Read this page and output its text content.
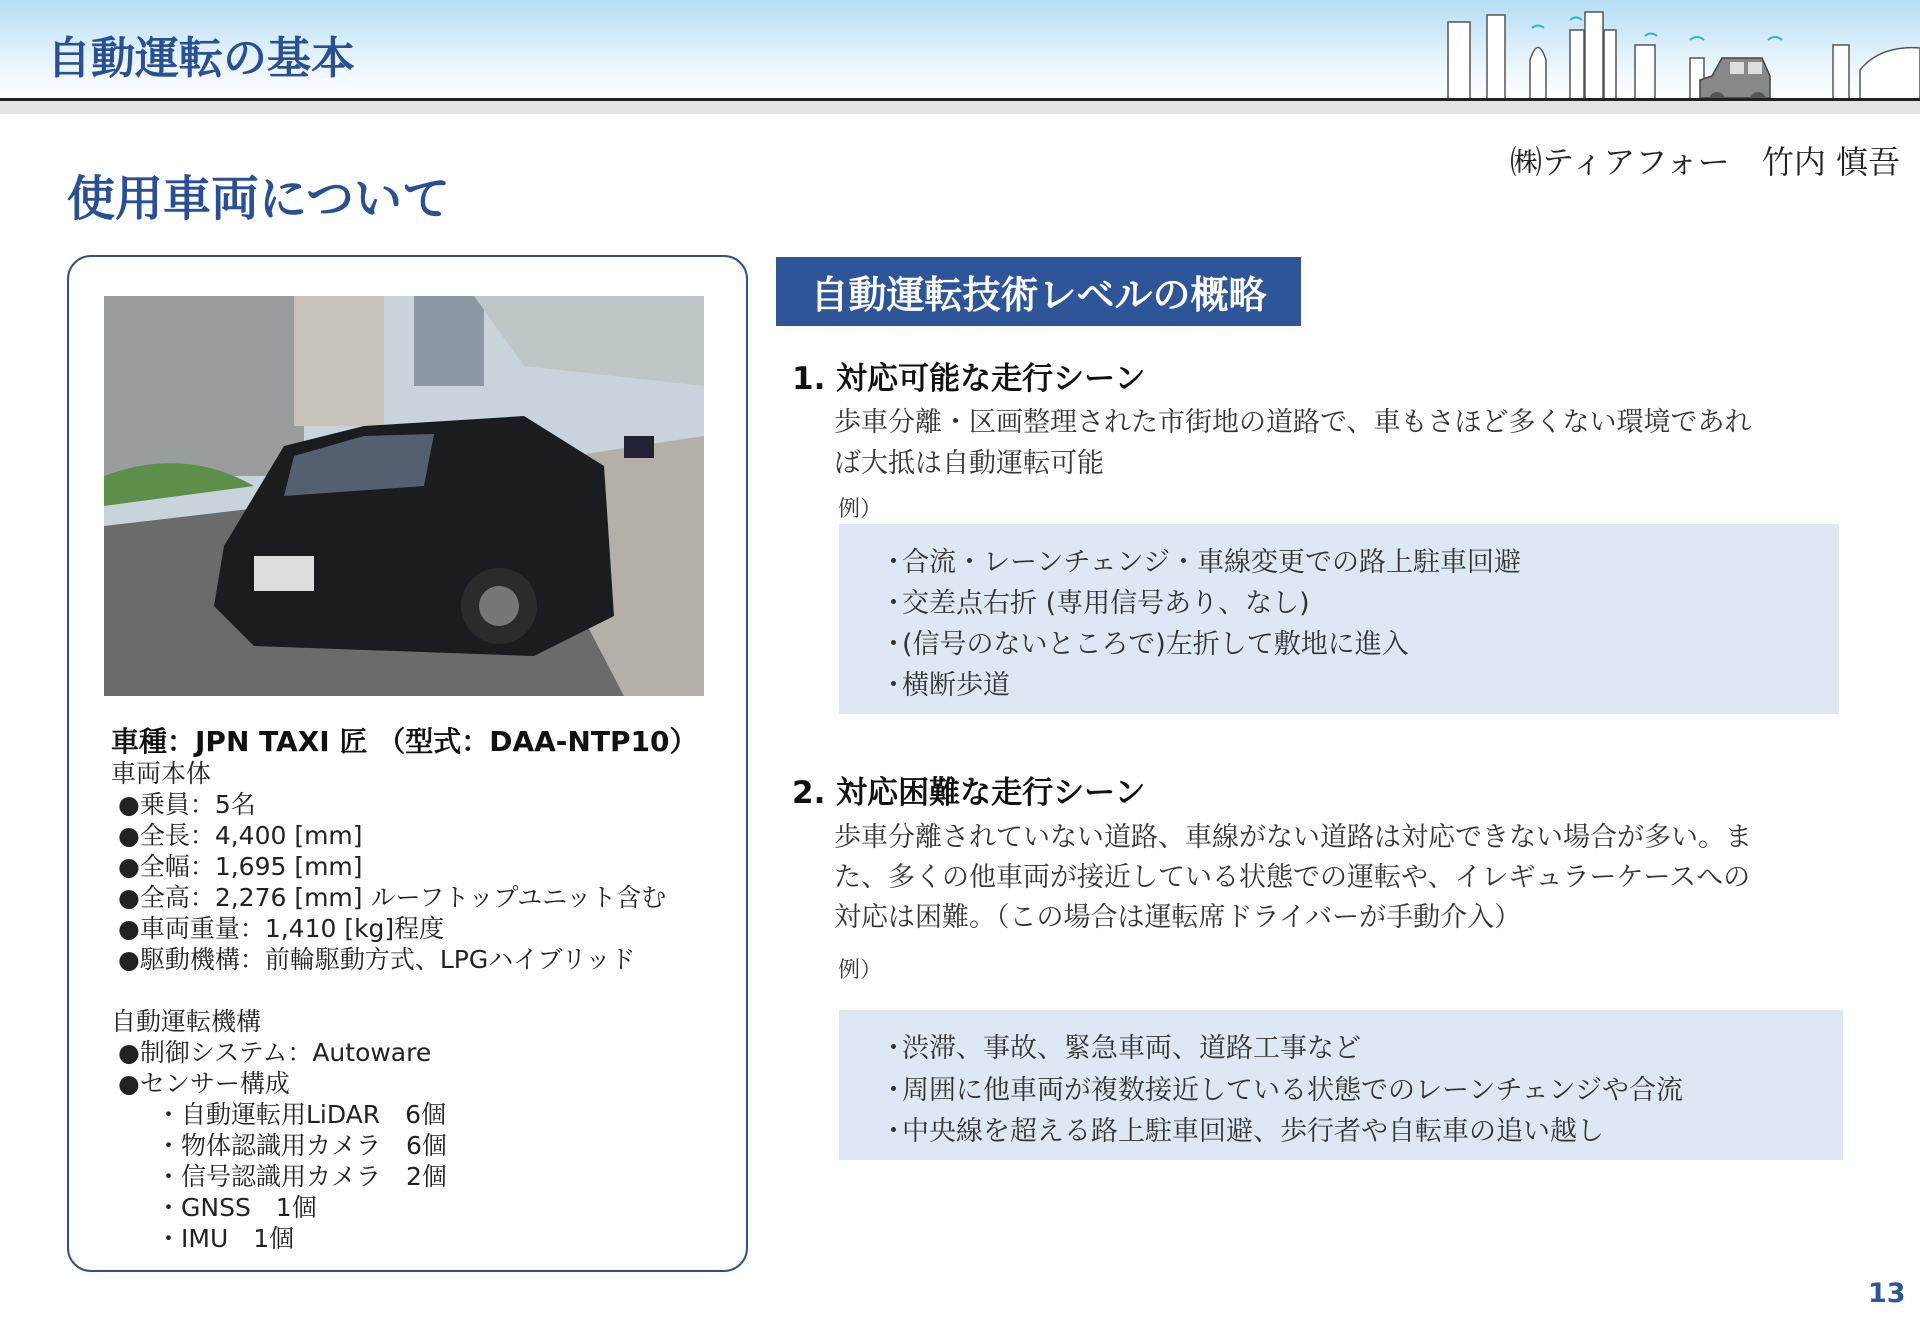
自動運転の基本
使用車両について
㈱ティアフォー　竹内 慎吾
車種：JPN TAXI 匠 （型式：DAA-NTP10）
車両本体
●乗員：5名
●全長：4,400 [mm]
●全幅：1,695 [mm]
●全高：2,276 [mm] ルーフトップユニット含む
●車両重量：1,410 [kg]程度
●駆動機構：前輪駆動方式、LPGハイブリッド
自動運転機構
●制御システム：Autoware
●センサー構成
・自動運転用LiDAR　6個
・物体認識用カメラ　6個
・信号認識用カメラ　2個
・GNSS　1個
・IMU　1個
自動運転技術レベルの概略
1. 対応可能な走行シーン
歩車分離・区画整理された市街地の道路で、車もさほど多くない環境であれ
ば大抵は自動運転可能
例）
・合流・レーンチェンジ・車線変更での路上駐車回避
・交差点右折 (専用信号あり、なし)
・(信号のないところで)左折して敷地に進入
・横断歩道
2. 対応困難な走行シーン
歩車分離されていない道路、車線がない道路は対応できない場合が多い。ま
た、多くの他車両が接近している状態での運転や、イレギュラーケースへの
対応は困難。（この場合は運転席ドライバーが手動介入）
例）
・渋滞、事故、緊急車両、道路工事など
・周囲に他車両が複数接近している状態でのレーンチェンジや合流
・中央線を超える路上駐車回避、歩行者や自転車の追い越し
13
